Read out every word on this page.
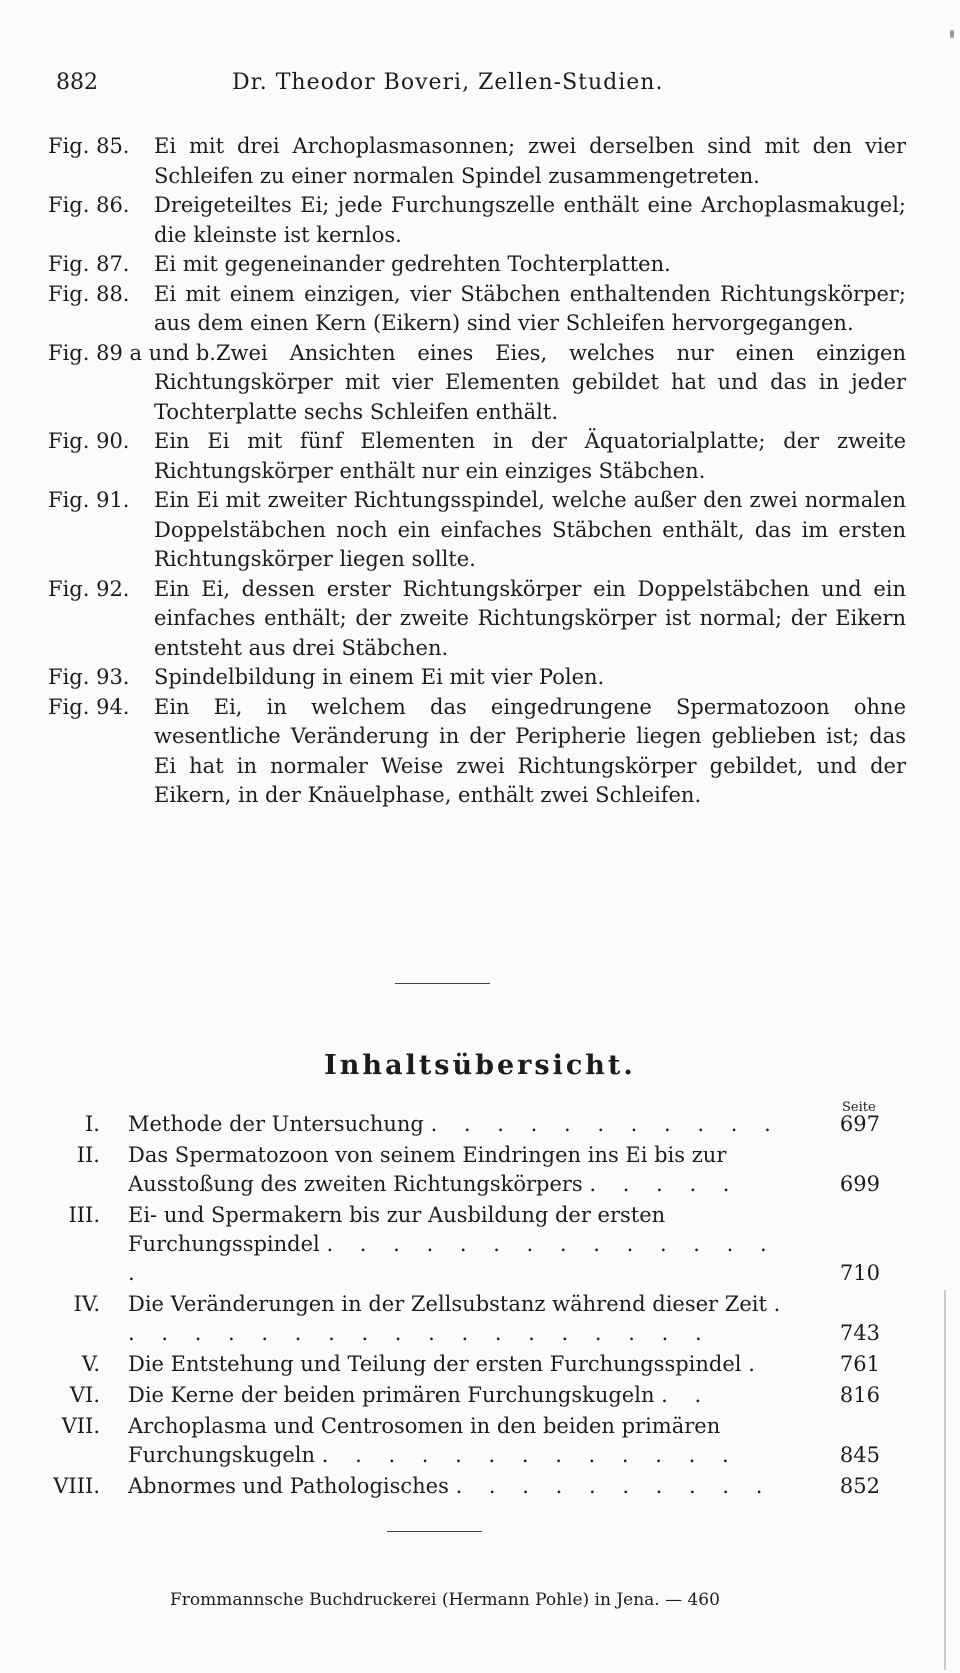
882	Dr. Theodor Boveri, Zellen-Studien.
Fig. 85. Ei mit drei Archoplasmasonnen; zwei derselben sind mit den vier Schleifen zu einer normalen Spindel zusammengetreten.
Fig. 86. Dreigeteiltes Ei; jede Furchungszelle enthält eine Archoplasmakugel; die kleinste ist kernlos.
Fig. 87. Ei mit gegeneinander gedrehten Tochterplatten.
Fig. 88. Ei mit einem einzigen, vier Stäbchen enthaltenden Richtungskörper; aus dem einen Kern (Eikern) sind vier Schleifen hervorgegangen.
Fig. 89 a und b. Zwei Ansichten eines Eies, welches nur einen einzigen Richtungskörper mit vier Elementen gebildet hat und das in jeder Tochterplatte sechs Schleifen enthält.
Fig. 90. Ein Ei mit fünf Elementen in der Äquatorialplatte; der zweite Richtungskörper enthält nur ein einziges Stäbchen.
Fig. 91. Ein Ei mit zweiter Richtungsspindel, welche außer den zwei normalen Doppelstäbchen noch ein einfaches Stäbchen enthält, das im ersten Richtungskörper liegen sollte.
Fig. 92. Ein Ei, dessen erster Richtungskörper ein Doppelstäbchen und ein einfaches enthält; der zweite Richtungskörper ist normal; der Eikern entsteht aus drei Stäbchen.
Fig. 93. Spindelbildung in einem Ei mit vier Polen.
Fig. 94. Ein Ei, in welchem das eingedrungene Spermatozoon ohne wesentliche Veränderung in der Peripherie liegen geblieben ist; das Ei hat in normaler Weise zwei Richtungskörper gebildet, und der Eikern, in der Knäuelphase, enthält zwei Schleifen.
Inhaltsübersicht.
Seite
I. Methode der Untersuchung . . . . . . . . . . .	697
II. Das Spermatozoon von seinem Eindringen ins Ei bis zur Ausstoßung des zweiten Richtungskörpers . . . . .	699
III. Ei- und Spermakern bis zur Ausbildung der ersten Furchungsspindel . . . . . . . . . . . . . . .	710
IV. Die Veränderungen in der Zellsubstanz während dieser Zeit . . . . . . . . . . . . . . . . . . .	743
V. Die Entstehung und Teilung der ersten Furchungsspindel .	761
VI. Die Kerne der beiden primären Furchungskugeln . .	816
VII. Archoplasma und Centrosomen in den beiden primären Furchungskugeln . . . . . . . . . . . . .	845
VIII. Abnormes und Pathologisches . . . . . . . . . .	852
Frommannsche Buchdruckerei (Hermann Pohle) in Jena. — 460
